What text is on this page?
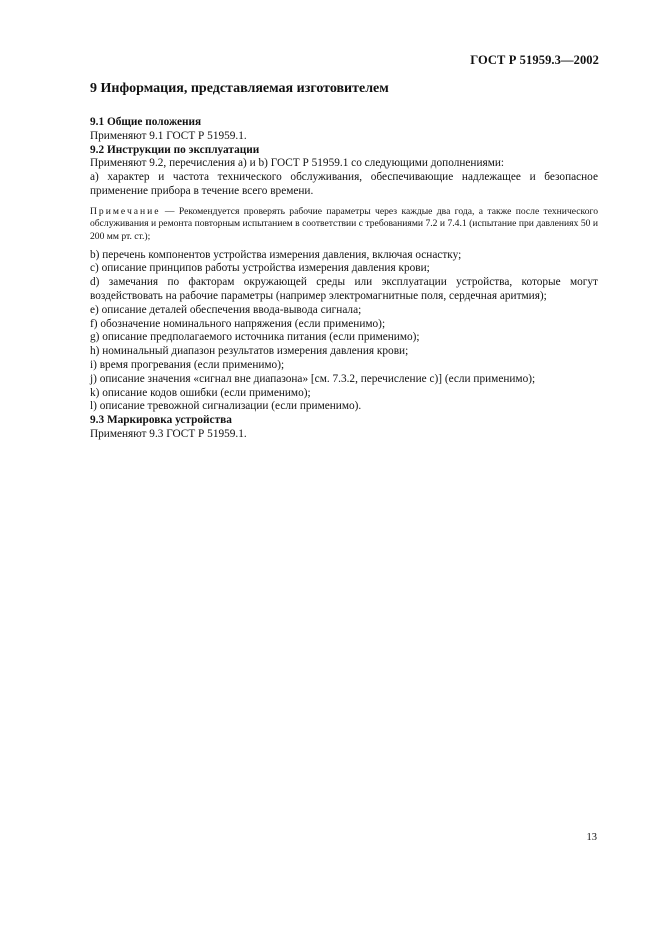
ГОСТ Р 51959.3—2002
9 Информация, представляемая изготовителем
9.1 Общие положения
Применяют 9.1 ГОСТ Р 51959.1.
9.2 Инструкции по эксплуатации
Применяют 9.2, перечисления a) и b) ГОСТ Р 51959.1 со следующими дополнениями:
a) характер и частота технического обслуживания, обеспечивающие надлежащее и безопасное применение прибора в течение всего времени.
Примечание — Рекомендуется проверять рабочие параметры через каждые два года, а также после технического обслуживания и ремонта повторным испытанием в соответствии с требованиями 7.2 и 7.4.1 (испытание при давлениях 50 и 200 мм рт. ст.);
b) перечень компонентов устройства измерения давления, включая оснастку;
c) описание принципов работы устройства измерения давления крови;
d) замечания по факторам окружающей среды или эксплуатации устройства, которые могут воздействовать на рабочие параметры (например электромагнитные поля, сердечная аритмия);
e) описание деталей обеспечения ввода-вывода сигнала;
f) обозначение номинального напряжения (если применимо);
g) описание предполагаемого источника питания (если применимо);
h) номинальный диапазон результатов измерения давления крови;
i) время прогревания (если применимо);
j) описание значения «сигнал вне диапазона» [см. 7.3.2, перечисление с)] (если применимо);
k) описание кодов ошибки (если применимо);
l) описание тревожной сигнализации (если применимо).
9.3 Маркировка устройства
Применяют 9.3 ГОСТ Р 51959.1.
13
